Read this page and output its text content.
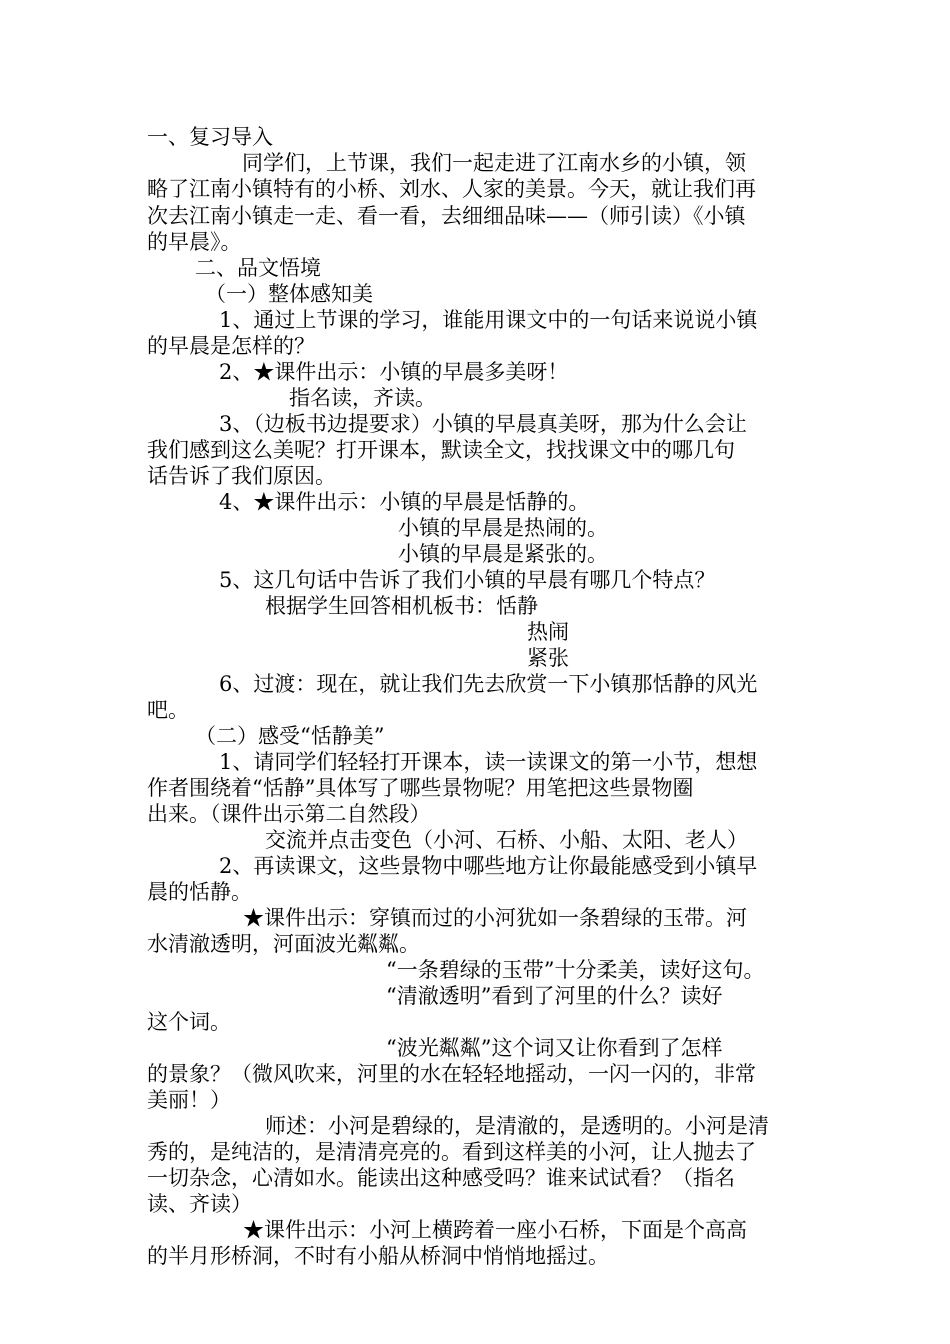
一、复习导入

同学们，上节课，我们一起走进了江南水乡的小镇，领

略了江南小镇特有的小桥、刘水、人家的美景。今天，就让我们再

次去江南小镇走一走、看一看，去细细品味——（师引读）《小镇

的早晨》。

二、品文悟境

（一）整体感知美

1、通过上节课的学习，谁能用课文中的一句话来说说小镇

的早晨是怎样的？

2、★课件出示：小镇的早晨多美呀！

指名读，齐读。

3、（边板书边提要求）小镇的早晨真美呀，那为什么会让

我们感到这么美呢？打开课本，默读全文，找找课文中的哪几句

话告诉了我们原因。

4、★课件出示：小镇的早晨是恬静的。

小镇的早晨是热闹的。

小镇的早晨是紧张的。

5、这几句话中告诉了我们小镇的早晨有哪几个特点？

根据学生回答相机板书：恬静

热闹

紧张

6、过渡：现在，就让我们先去欣赏一下小镇那恬静的风光

吧。

（二）感受“恬静美”

1、请同学们轻轻打开课本，读一读课文的第一小节，想想

作者围绕着“恬静”具体写了哪些景物呢？用笔把这些景物圈

出来。（课件出示第二自然段）

交流并点击变色（小河、石桥、小船、太阳、老人）

2、再读课文，这些景物中哪些地方让你最能感受到小镇早

晨的恬静。

★课件出示：穿镇而过的小河犹如一条碧绿的玉带。河

水清澈透明，河面波光粼粼。

“一条碧绿的玉带”十分柔美，读好这句。

“清澈透明”看到了河里的什么？读好

这个词。

“波光粼粼”这个词又让你看到了怎样

的景象？（微风吹来，河里的水在轻轻地摇动，一闪一闪的，非常

美丽！）

师述：小河是碧绿的，是清澈的，是透明的。小河是清

秀的，是纯洁的，是清清亮亮的。看到这样美的小河，让人抛去了

一切杂念，心清如水。能读出这种感受吗？谁来试试看？（指名

读、齐读）

★课件出示：小河上横跨着一座小石桥，下面是个高高

的半月形桥洞，不时有小船从桥洞中悄悄地摇过。
